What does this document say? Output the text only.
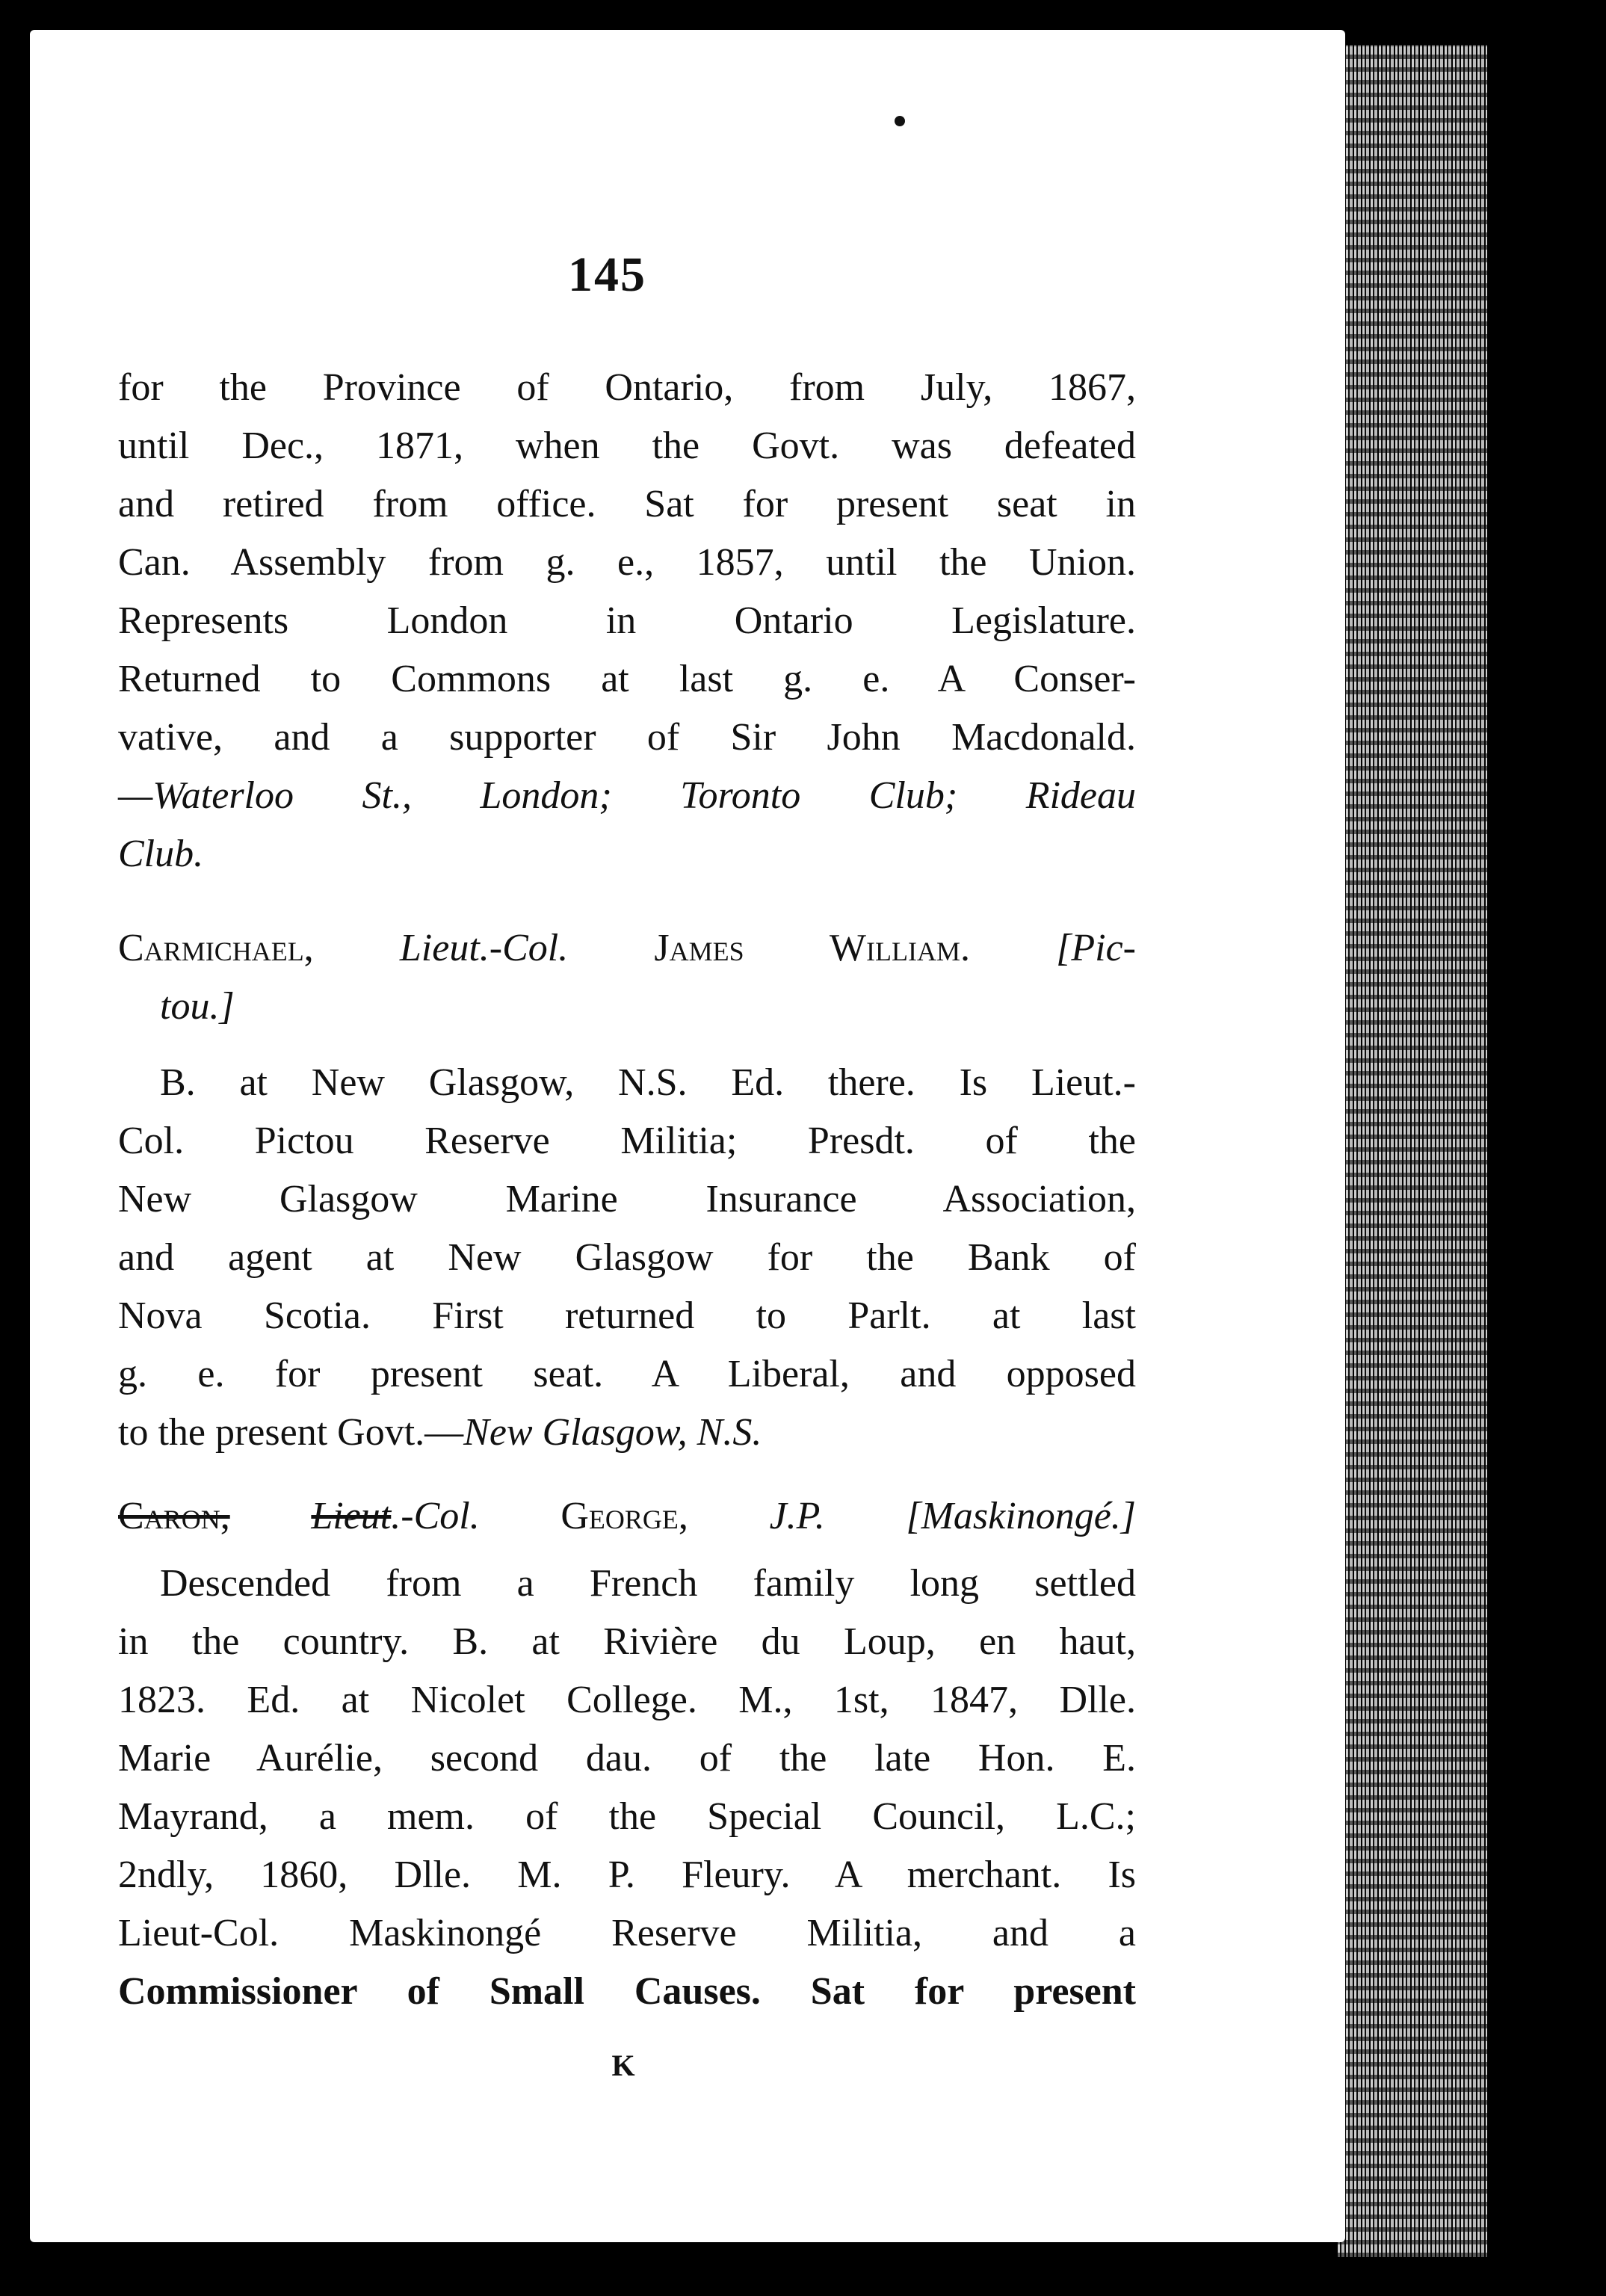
145
for the Province of Ontario, from July, 1867,
until Dec., 1871, when the Govt. was defeated
and retired from office. Sat for present seat in
Can. Assembly from g. e., 1857, until the Union.
Represents London in Ontario Legislature.
Returned to Commons at last g. e. A Conser-
vative, and a supporter of Sir John Macdonald.
—Waterloo St., London; Toronto Club; Rideau
Club.
Carmichael, Lieut.-Col. James William. [Pic-
tou.]
B. at New Glasgow, N.S. Ed. there. Is Lieut.-
Col. Pictou Reserve Militia; Presdt. of the
New Glasgow Marine Insurance Association,
and agent at New Glasgow for the Bank of
Nova Scotia. First returned to Parlt. at last
g. e. for present seat. A Liberal, and opposed
to the present Govt.—New Glasgow, N.S.
Caron, Lieut.-Col. George, J.P. [Maskinongé.]
Descended from a French family long settled
in the country. B. at Rivière du Loup, en haut,
1823. Ed. at Nicolet College. M., 1st, 1847, Dlle.
Marie Aurélie, second dau. of the late Hon. E.
Mayrand, a mem. of the Special Council, L.C.;
2ndly, 1860, Dlle. M. P. Fleury. A merchant. Is
Lieut-Col. Maskinongé Reserve Militia, and a
Commissioner of Small Causes. Sat for present
K
